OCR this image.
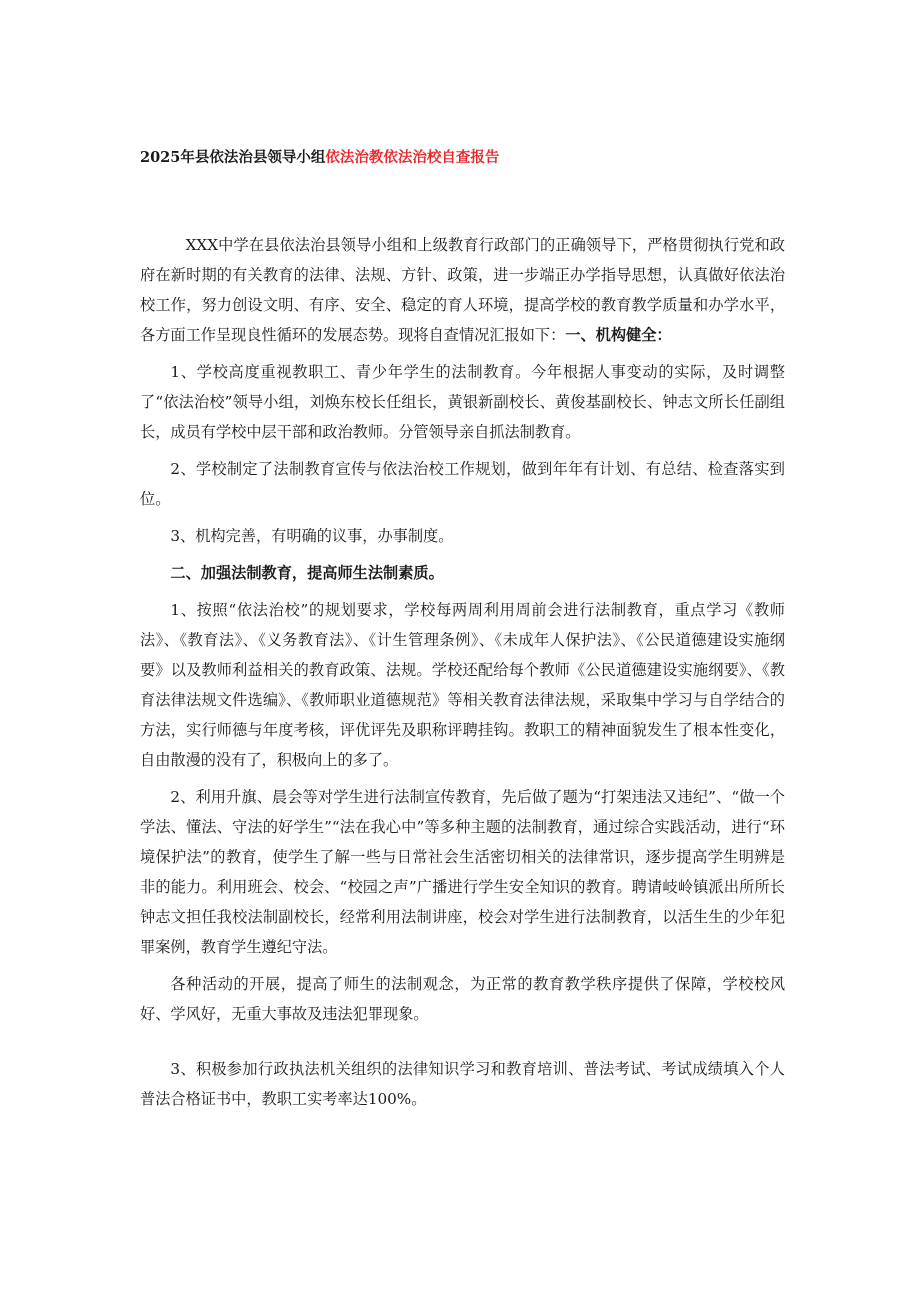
2025年县依法治县领导小组依法治教依法治校自查报告

XXX中学在县依法治县领导小组和上级教育行政部门的正确领导下，严格贯彻执行党和政府在新时期的有关教育的法律、法规、方针、政策，进一步端正办学指导思想，认真做好依法治校工作，努力创设文明、有序、安全、稳定的育人环境，提高学校的教育教学质量和办学水平，各方面工作呈现良性循环的发展态势。现将自查情况汇报如下：一、机构健全：

1、学校高度重视教职工、青少年学生的法制教育。今年根据人事变动的实际，及时调整了“依法治校”领导小组，刘焕东校长任组长，黄银新副校长、黄俊基副校长、钟志文所长任副组长，成员有学校中层干部和政治教师。分管领导亲自抓法制教育。

2、学校制定了法制教育宣传与依法治校工作规划，做到年年有计划、有总结、检查落实到位。

3、机构完善，有明确的议事，办事制度。

二、加强法制教育，提高师生法制素质。

1、按照“依法治校”的规划要求，学校每两周利用周前会进行法制教育，重点学习《教师法》、《教育法》、《义务教育法》、《计生管理条例》、《未成年人保护法》、《公民道德建设实施纲要》以及教师利益相关的教育政策、法规。学校还配给每个教师《公民道德建设实施纲要》、《教育法律法规文件选编》、《教师职业道德规范》等相关教育法律法规，采取集中学习与自学结合的方法，实行师德与年度考核，评优评先及职称评聘挂钩。教职工的精神面貌发生了根本性变化，自由散漫的没有了，积极向上的多了。

2、利用升旗、晨会等对学生进行法制宣传教育，先后做了题为“打架违法又违纪”、“做一个学法、懂法、守法的好学生”“法在我心中”等多种主题的法制教育，通过综合实践活动，进行“环境保护法”的教育，使学生了解一些与日常社会生活密切相关的法律常识，逐步提高学生明辨是非的能力。利用班会、校会、“校园之声”广播进行学生安全知识的教育。聘请岐岭镇派出所所长钟志文担任我校法制副校长，经常利用法制讲座，校会对学生进行法制教育，以活生生的少年犯罪案例，教育学生遵纪守法。

各种活动的开展，提高了师生的法制观念，为正常的教育教学秩序提供了保障，学校校风好、学风好，无重大事故及违法犯罪现象。

3、积极参加行政执法机关组织的法律知识学习和教育培训、普法考试、考试成绩填入个人普法合格证书中，教职工实考率达100%。
